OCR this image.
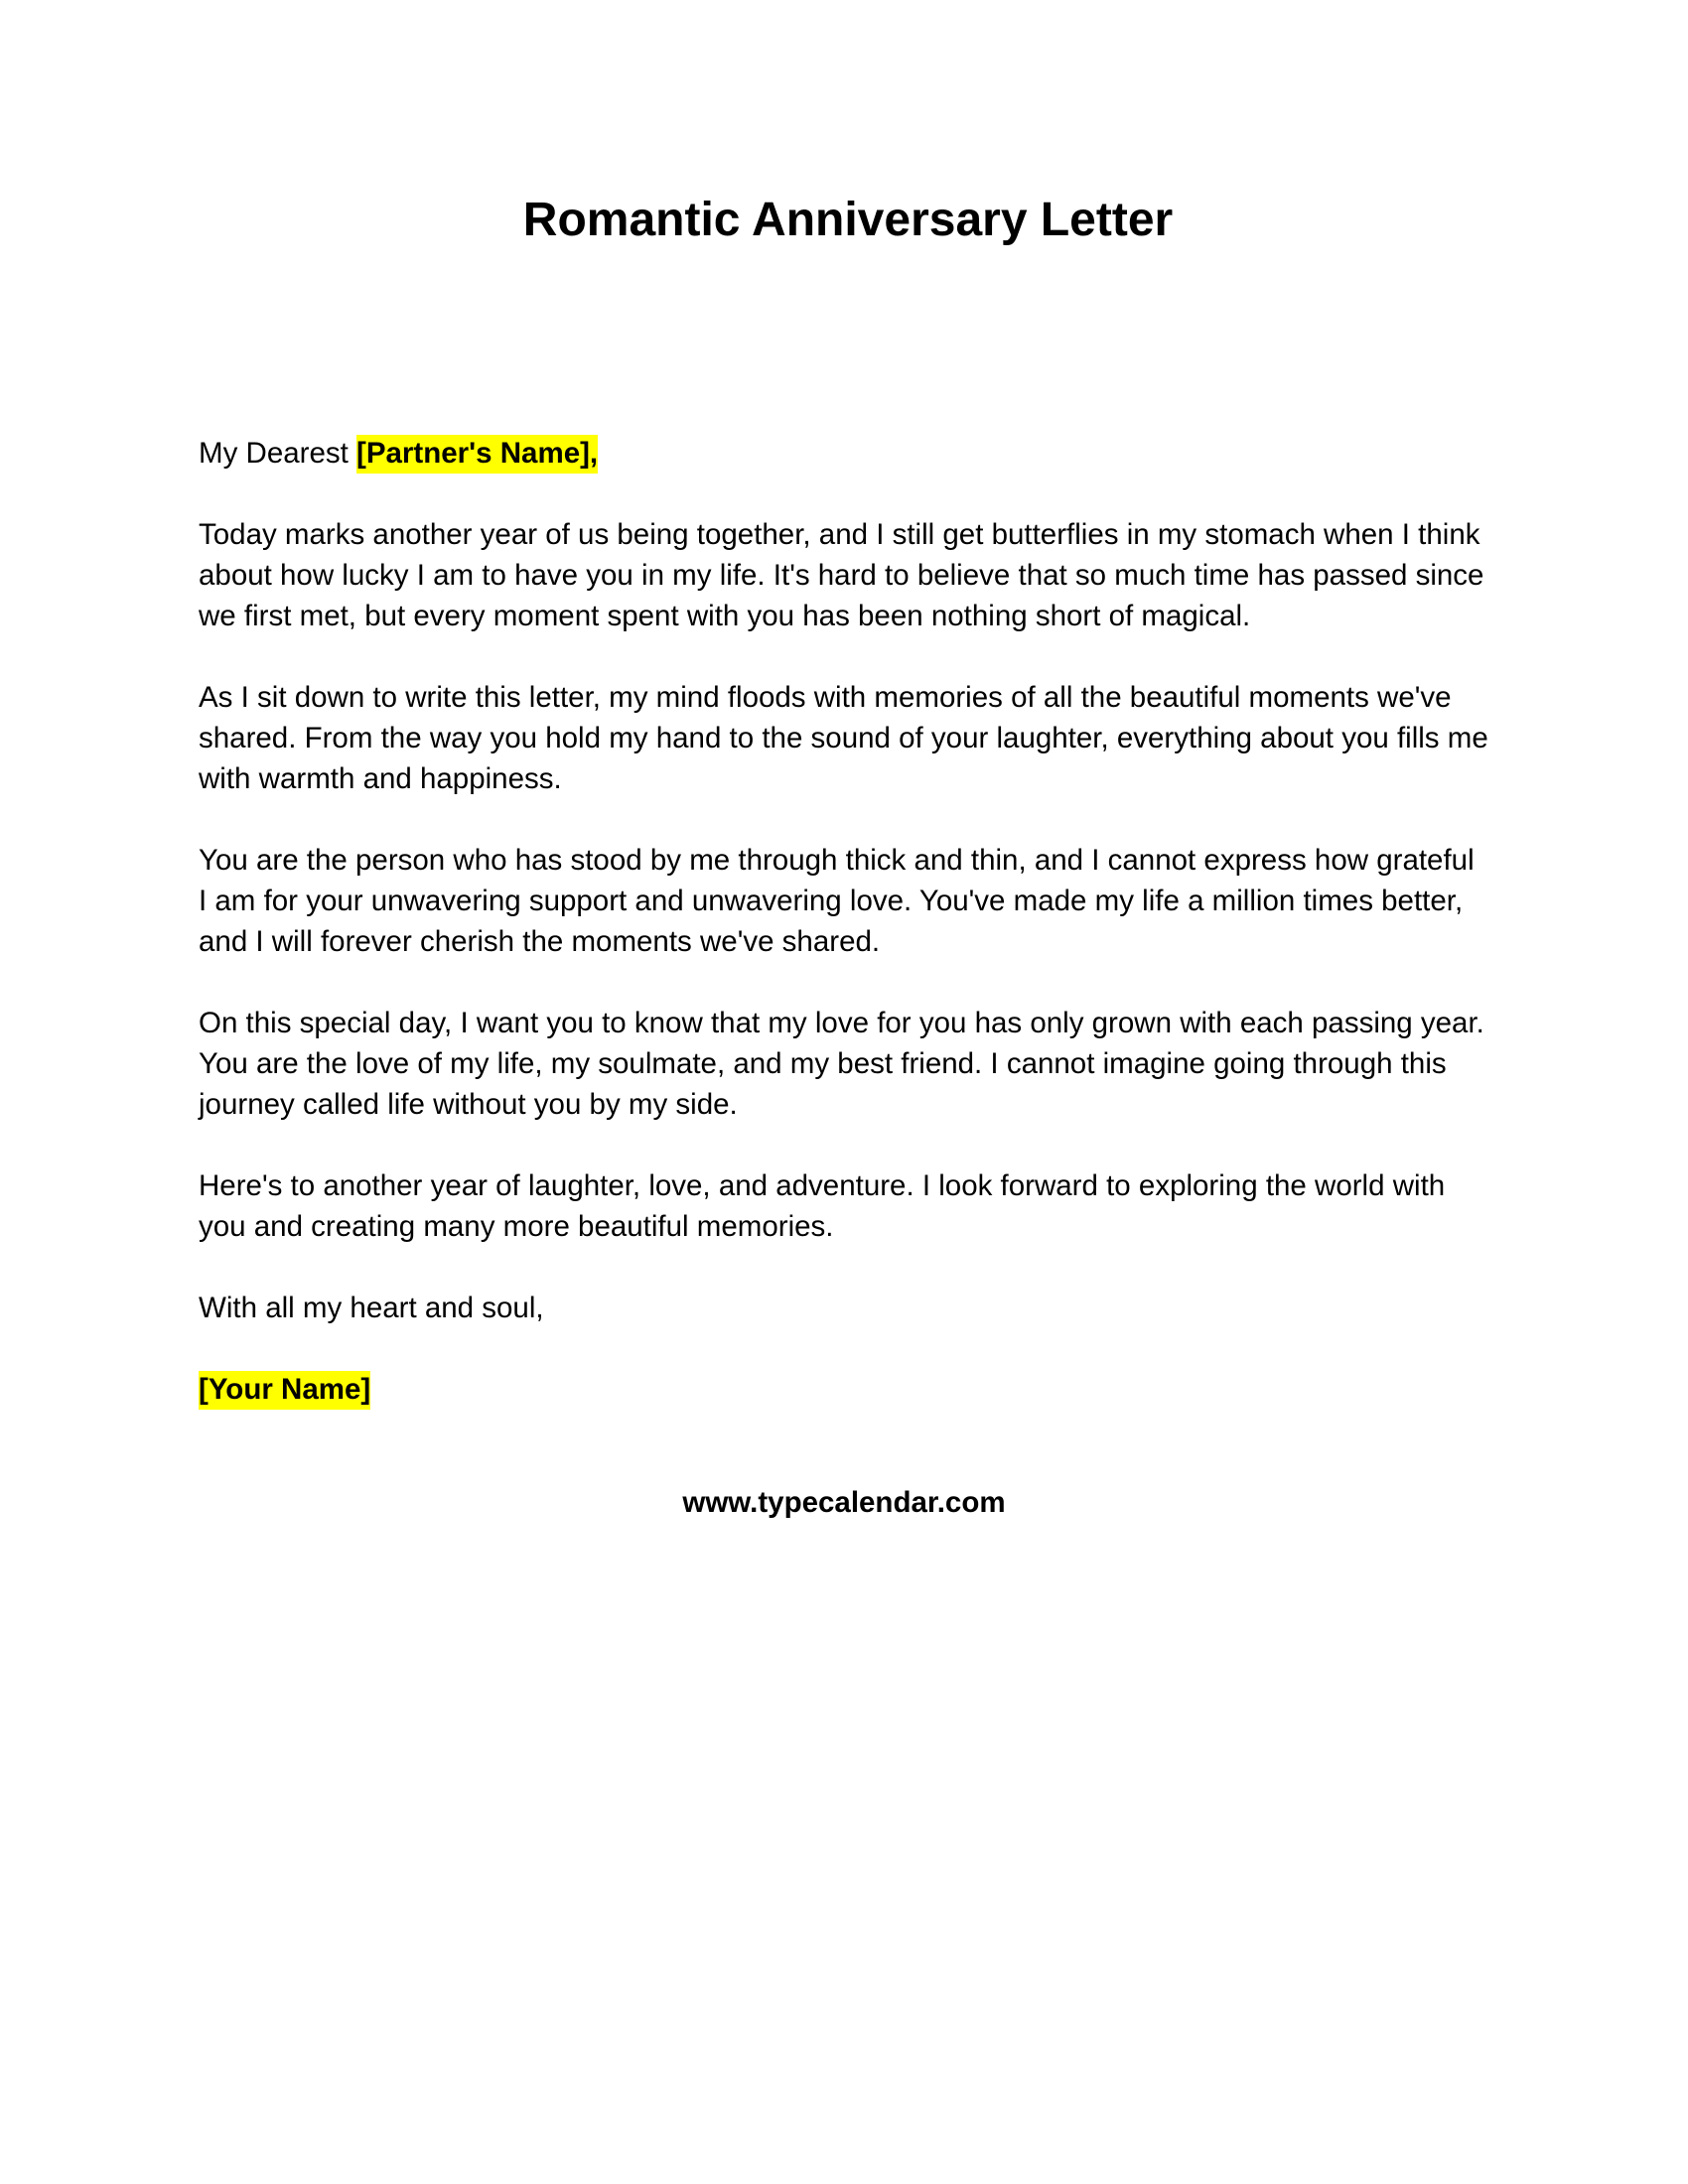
Romantic Anniversary Letter

My Dearest [Partner's Name],

Today marks another year of us being together, and I still get butterflies in my stomach when I think about how lucky I am to have you in my life. It's hard to believe that so much time has passed since we first met, but every moment spent with you has been nothing short of magical.

As I sit down to write this letter, my mind floods with memories of all the beautiful moments we've shared. From the way you hold my hand to the sound of your laughter, everything about you fills me with warmth and happiness.

You are the person who has stood by me through thick and thin, and I cannot express how grateful I am for your unwavering support and unwavering love. You've made my life a million times better, and I will forever cherish the moments we've shared.

On this special day, I want you to know that my love for you has only grown with each passing year. You are the love of my life, my soulmate, and my best friend. I cannot imagine going through this journey called life without you by my side.

Here's to another year of laughter, love, and adventure. I look forward to exploring the world with you and creating many more beautiful memories.

With all my heart and soul,

[Your Name]

www.typecalendar.com
